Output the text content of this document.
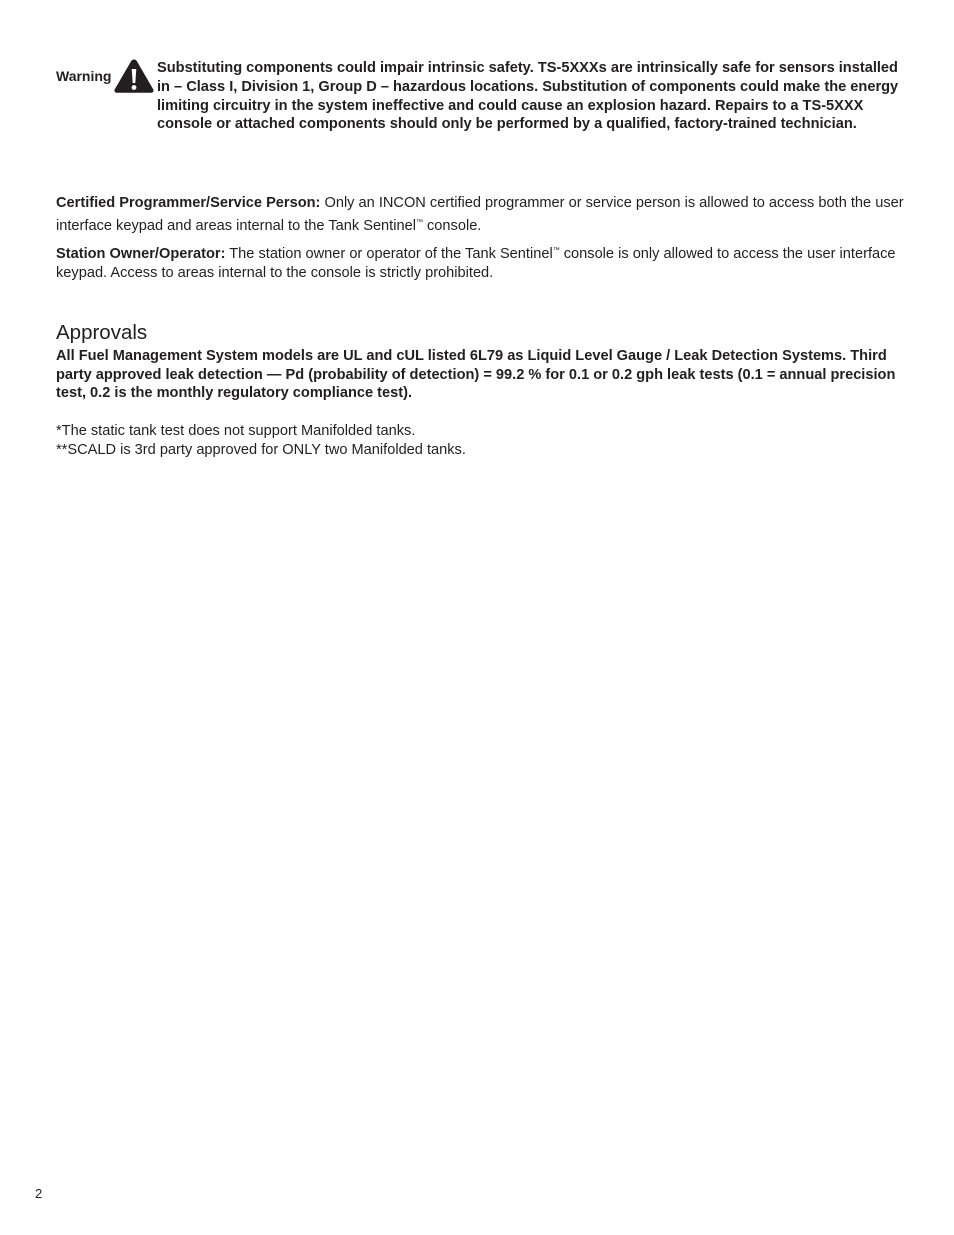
Warning	Substituting components could impair intrinsic safety. TS-5XXXs are intrinsically safe for sensors installed in – Class I, Division 1, Group D – hazardous locations. Substitution of components could make the energy limiting circuitry in the system ineffective and could cause an explosion hazard. Repairs to a TS-5XXX console or attached components should only be performed by a qualified, factory-trained technician.

Certified Programmer/Service Person: Only an INCON certified programmer or service person is allowed to access both the user interface keypad and areas internal to the Tank Sentinel™ console.

Station Owner/Operator: The station owner or operator of the Tank Sentinel™ console is only allowed to access the user interface keypad. Access to areas internal to the console is strictly prohibited.

Approvals
All Fuel Management System models are UL and cUL listed 6L79 as Liquid Level Gauge / Leak Detection Systems. Third party approved leak detection — Pd (probability of detection) = 99.2 % for 0.1 or 0.2 gph leak tests (0.1 = annual precision test, 0.2 is the monthly regulatory compliance test).
*The static tank test does not support Manifolded tanks.
**SCALD is 3rd party approved for ONLY two Manifolded tanks.
2
